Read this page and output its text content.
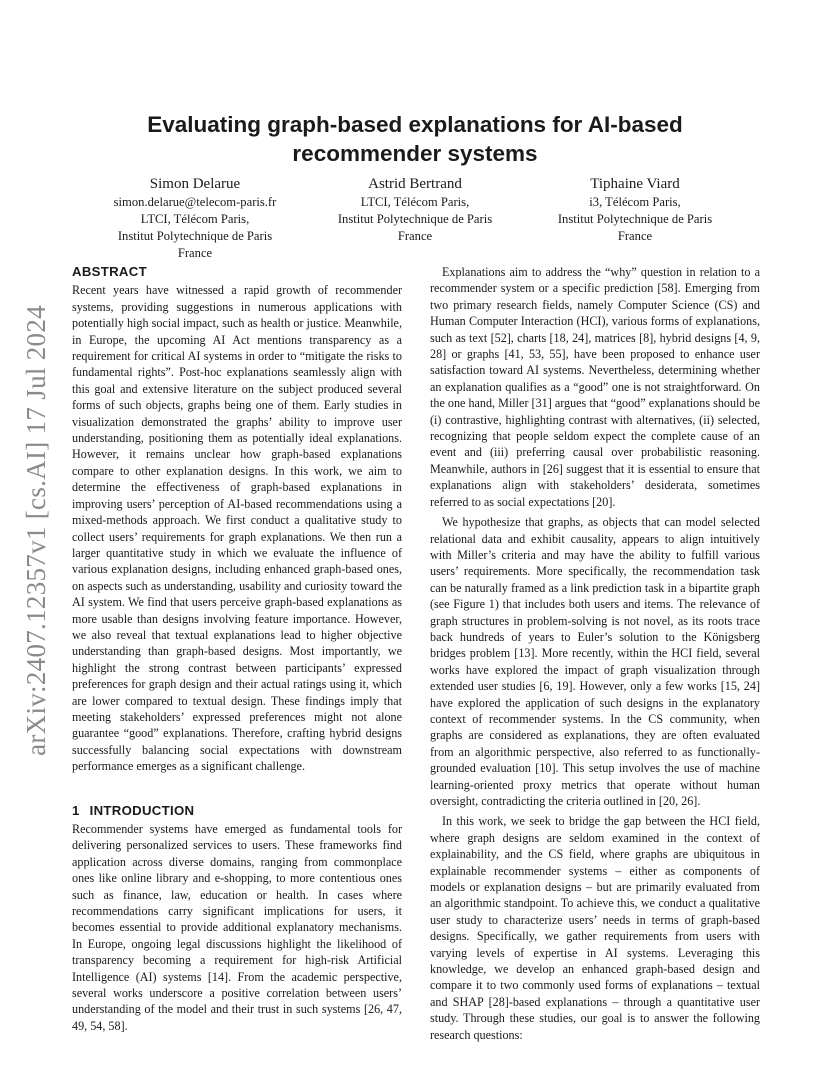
arXiv:2407.12357v1 [cs.AI] 17 Jul 2024
Evaluating graph-based explanations for AI-based recommender systems
Simon Delarue
simon.delarue@telecom-paris.fr
LTCI, Télécom Paris,
Institut Polytechnique de Paris
France
Astrid Bertrand
LTCI, Télécom Paris,
Institut Polytechnique de Paris
France
Tiphaine Viard
i3, Télécom Paris,
Institut Polytechnique de Paris
France
ABSTRACT

Recent years have witnessed a rapid growth of recommender systems, providing suggestions in numerous applications with potentially high social impact, such as health or justice. Meanwhile, in Europe, the upcoming AI Act mentions transparency as a requirement for critical AI systems in order to “mitigate the risks to fundamental rights”. Post-hoc explanations seamlessly align with this goal and extensive literature on the subject produced several forms of such objects, graphs being one of them. Early studies in visualization demonstrated the graphs’ ability to improve user understanding, positioning them as potentially ideal explanations. However, it remains unclear how graph-based explanations compare to other explanation designs. In this work, we aim to determine the effectiveness of graph-based explanations in improving users’ perception of AI-based recommendations using a mixed-methods approach. We first conduct a qualitative study to collect users’ requirements for graph explanations. We then run a larger quantitative study in which we evaluate the influence of various explanation designs, including enhanced graph-based ones, on aspects such as understanding, usability and curiosity toward the AI system. We find that users perceive graph-based explanations as more usable than designs involving feature importance. However, we also reveal that textual explanations lead to higher objective understanding than graph-based designs. Most importantly, we highlight the strong contrast between participants’ expressed preferences for graph design and their actual ratings using it, which are lower compared to textual design. These findings imply that meeting stakeholders’ expressed preferences might not alone guarantee “good” explanations. Therefore, crafting hybrid designs successfully balancing social expectations with downstream performance emerges as a significant challenge.

1 INTRODUCTION

Recommender systems have emerged as fundamental tools for delivering personalized services to users. These frameworks find application across diverse domains, ranging from commonplace ones like online library and e-shopping, to more contentious ones such as finance, law, education or health. In cases where recommendations carry significant implications for users, it becomes essential to provide additional explanatory mechanisms. In Europe, ongoing legal discussions highlight the likelihood of transparency becoming a requirement for high-risk Artificial Intelligence (AI) systems [14]. From the academic perspective, several works underscore a positive correlation between users’ understanding of the model and their trust in such systems [26, 47, 49, 54, 58].

Explanations aim to address the “why” question in relation to a recommender system or a specific prediction [58]. Emerging from two primary research fields, namely Computer Science (CS) and Human Computer Interaction (HCI), various forms of explanations, such as text [52], charts [18, 24], matrices [8], hybrid designs [4, 9, 28] or graphs [41, 53, 55], have been proposed to enhance user satisfaction toward AI systems. Nevertheless, determining whether an explanation qualifies as a “good” one is not straightforward. On the one hand, Miller [31] argues that “good” explanations should be (i) contrastive, highlighting contrast with alternatives, (ii) selected, recognizing that people seldom expect the complete cause of an event and (iii) preferring causal over probabilistic reasoning. Meanwhile, authors in [26] suggest that it is essential to ensure that explanations align with stakeholders’ desiderata, sometimes referred to as social expectations [20].

We hypothesize that graphs, as objects that can model selected relational data and exhibit causality, appears to align intuitively with Miller’s criteria and may have the ability to fulfill various users’ requirements. More specifically, the recommendation task can be naturally framed as a link prediction task in a bipartite graph (see Figure 1) that includes both users and items. The relevance of graph structures in problem-solving is not novel, as its roots trace back hundreds of years to Euler’s solution to the Königsberg bridges problem [13]. More recently, within the HCI field, several works have explored the impact of graph visualization through extended user studies [6, 19]. However, only a few works [15, 24] have explored the application of such designs in the explanatory context of recommender systems. In the CS community, when graphs are considered as explanations, they are often evaluated from an algorithmic perspective, also referred to as functionally-grounded evaluation [10]. This setup involves the use of machine learning-oriented proxy metrics that operate without human oversight, contradicting the criteria outlined in [20, 26].

In this work, we seek to bridge the gap between the HCI field, where graph designs are seldom examined in the context of explainability, and the CS field, where graphs are ubiquitous in explainable recommender systems – either as components of models or explanation designs – but are primarily evaluated from an algorithmic standpoint. To achieve this, we conduct a qualitative user study to characterize users’ needs in terms of graph-based designs. Specifically, we gather requirements from users with varying levels of expertise in AI systems. Leveraging this knowledge, we develop an enhanced graph-based design and compare it to two commonly used forms of explanations – textual and SHAP [28]-based explanations – through a quantitative user study. Through these studies, our goal is to answer the following research questions:
